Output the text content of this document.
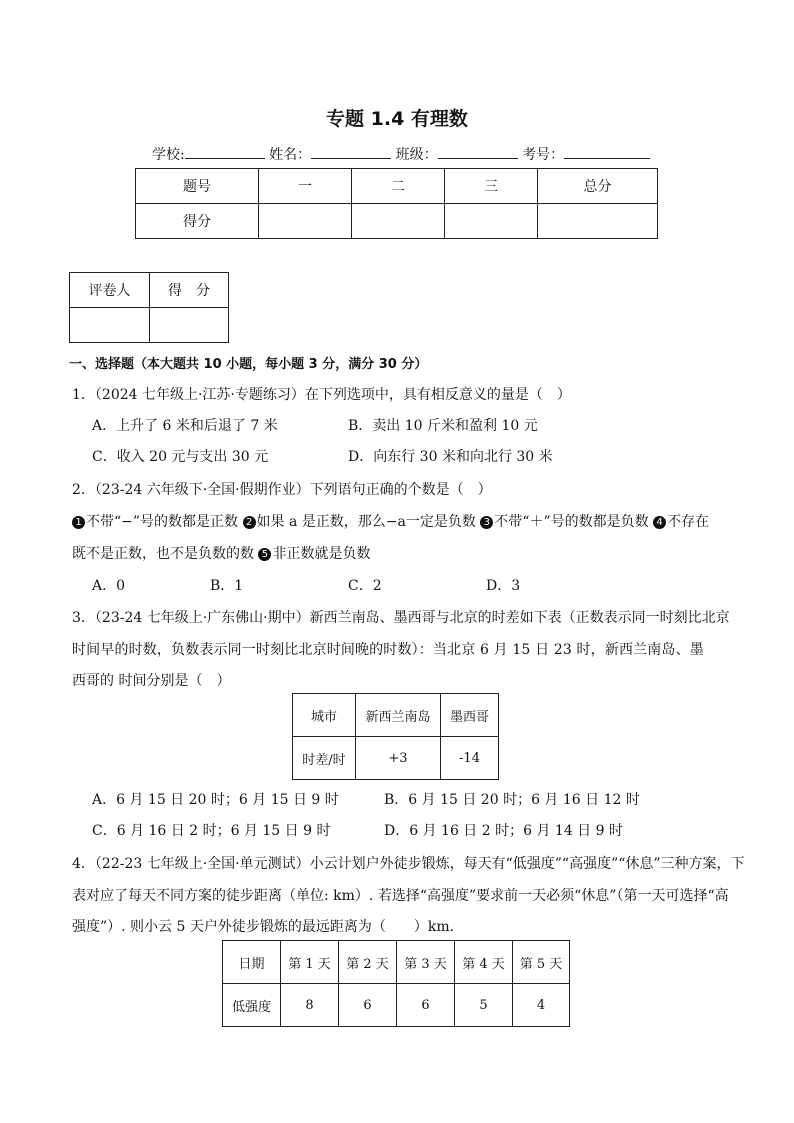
专题 1.4 有理数
学校:	姓名：	班级：	考号：
题号	一	二	三	总分
得分				
评卷人	得　分

一、选择题（本大题共 10 小题，每小题 3 分，满分 30 分）
1．（2024 七年级上·江苏·专题练习）在下列选项中，具有相反意义的量是（　）
A．上升了 6 米和后退了 7 米	B．卖出 10 斤米和盈利 10 元
C．收入 20 元与支出 30 元	D．向东行 30 米和向北行 30 米
2．（23-24 六年级下·全国·假期作业）下列语句正确的个数是（　）
1 不带“−”号的数都是正数 2 如果 a 是正数，那么−a一定是负数 3 不带“＋”号的数都是负数 4 不存在
既不是正数，也不是负数的数 5 非正数就是负数
A．0	B．1	C．2	D．3
3．（23-24 七年级上·广东佛山·期中）新西兰南岛、墨西哥与北京的时差如下表（正数表示同一时刻比北京
时间早的时数，负数表示同一时刻比北京时间晚的时数）：当北京 6 月 15 日 23 时，新西兰南岛、墨
西哥的 时间分别是（　）
城市	新西兰南岛	墨西哥
时差/时	+3	-14
A．6 月 15 日 20 时；6 月 15 日 9 时	B．6 月 15 日 20 时；6 月 16 日 12 时
C．6 月 16 日 2 时；6 月 15 日 9 时	D．6 月 16 日 2 时；6 月 14 日 9 时
4．（22-23 七年级上·全国·单元测试）小云计划户外徒步锻炼，每天有“低强度”“高强度”“休息”三种方案，下
表对应了每天不同方案的徒步距离（单位: km）. 若选择“高强度”要求前一天必须“休息”（第一天可选择“高
强度”）. 则小云 5 天户外徒步锻炼的最远距离为（　　）km．
日期	第 1 天	第 2 天	第 3 天	第 4 天	第 5 天
低强度	8	6	6	5	4
